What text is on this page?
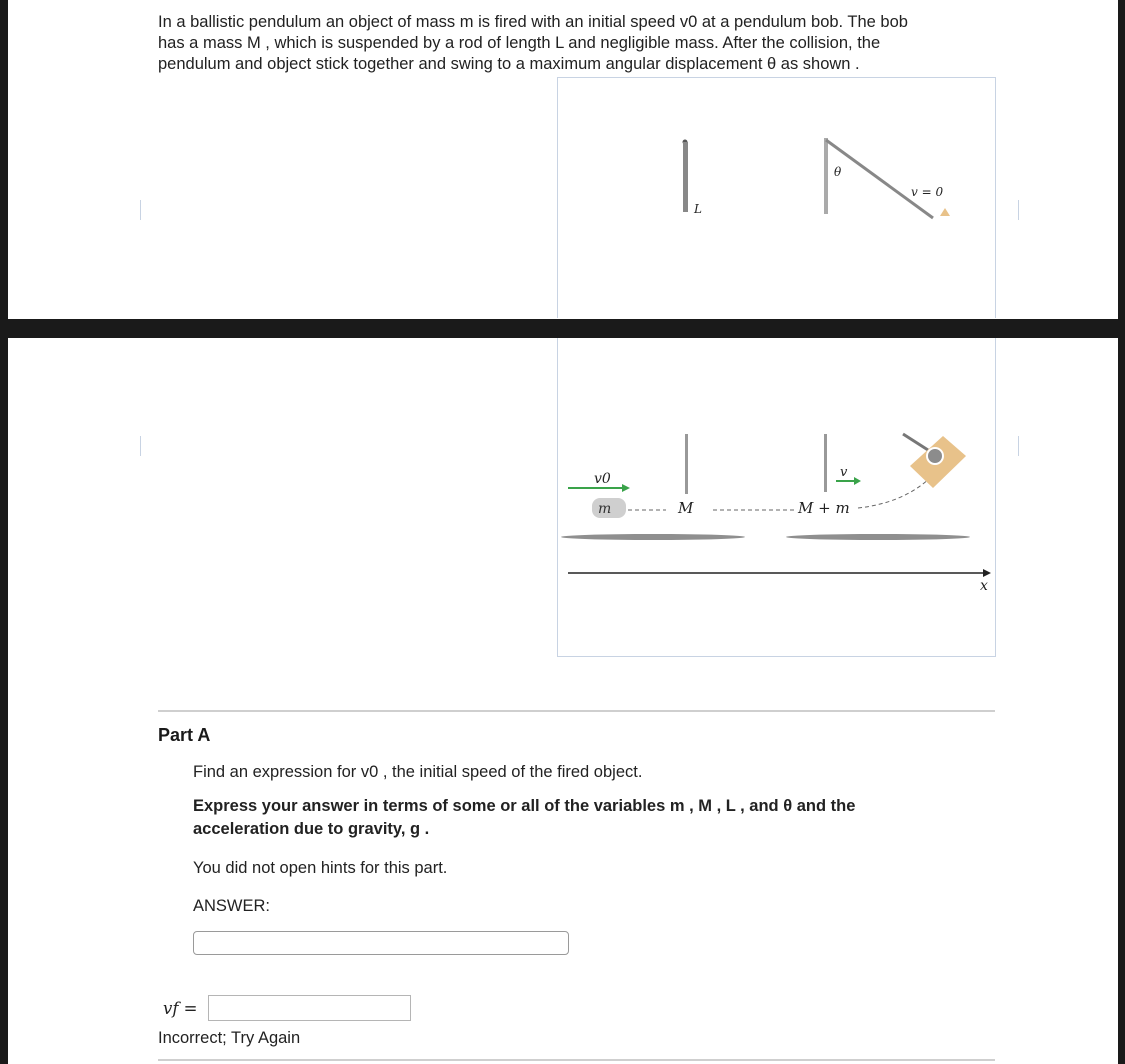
In a ballistic pendulum an object of mass m is fired with an initial speed v0 at a pendulum bob. The bob

has a mass M , which is suspended by a rod of length L and negligible mass. After the collision, the

pendulum and object stick together and swing to a maximum angular displacement θ as shown .

L
θ
v = 0
v0
m	M
v
M + m
x
Part A
Find an expression for v0 , the initial speed of the fired object.
Express your answer in terms of some or all of the variables m , M , L , and θ and the
acceleration due to gravity, g .
You did not open hints for this part.
ANSWER:
vf =
Incorrect; Try Again
